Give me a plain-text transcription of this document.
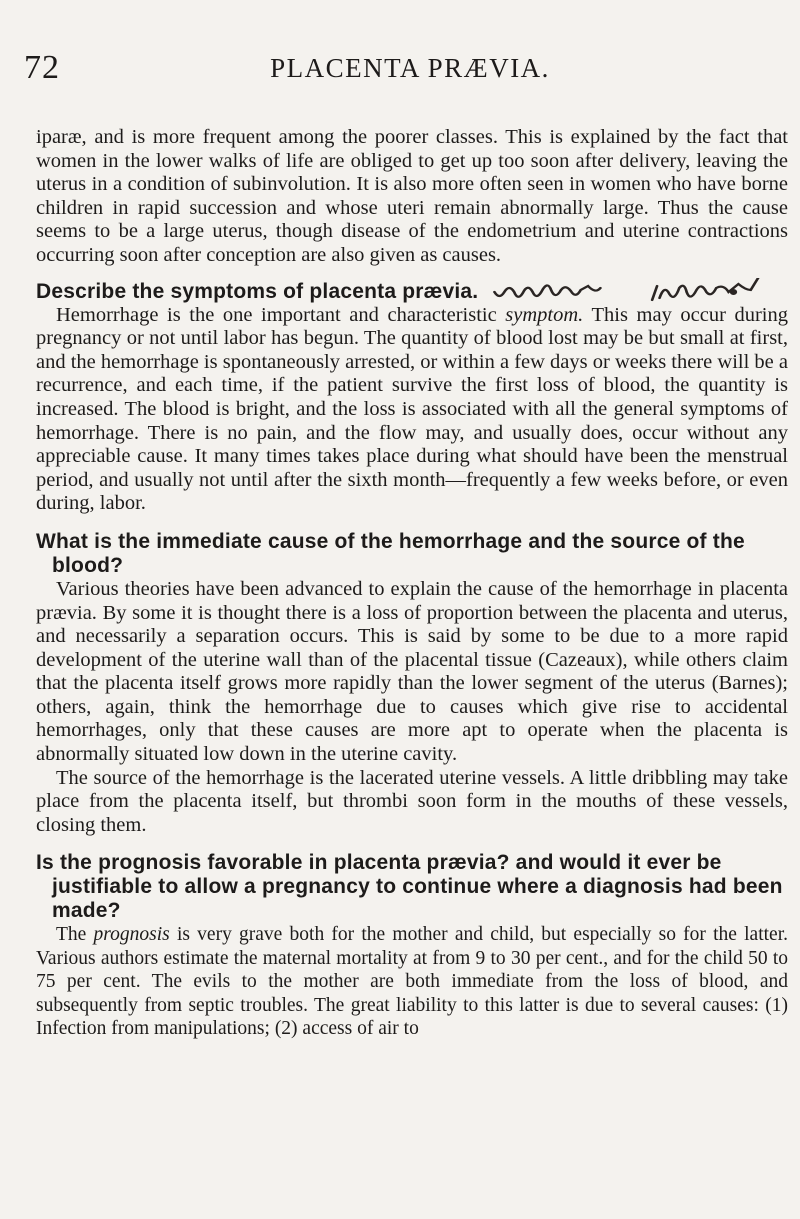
72	PLACENTA PRÆVIA.

iparæ, and is more frequent among the poorer classes. This is explained by the fact that women in the lower walks of life are obliged to get up too soon after delivery, leaving the uterus in a condition of subinvolution. It is also more often seen in women who have borne children in rapid succession and whose uteri remain abnormally large. Thus the cause seems to be a large uterus, though disease of the endometrium and uterine contractions occurring soon after conception are also given as causes.

Describe the symptoms of placenta prævia.

Hemorrhage is the one important and characteristic symptom. This may occur during pregnancy or not until labor has begun. The quantity of blood lost may be but small at first, and the hemorrhage is spontaneously arrested, or within a few days or weeks there will be a recurrence, and each time, if the patient survive the first loss of blood, the quantity is increased. The blood is bright, and the loss is associated with all the general symptoms of hemorrhage. There is no pain, and the flow may, and usually does, occur without any appreciable cause. It many times takes place during what should have been the menstrual period, and usually not until after the sixth month—frequently a few weeks before, or even during, labor.

What is the immediate cause of the hemorrhage and the source of the blood?

Various theories have been advanced to explain the cause of the hemorrhage in placenta prævia. By some it is thought there is a loss of proportion between the placenta and uterus, and necessarily a separation occurs. This is said by some to be due to a more rapid development of the uterine wall than of the placental tissue (Cazeaux), while others claim that the placenta itself grows more rapidly than the lower segment of the uterus (Barnes); others, again, think the hemorrhage due to causes which give rise to accidental hemorrhages, only that these causes are more apt to operate when the placenta is abnormally situated low down in the uterine cavity.

The source of the hemorrhage is the lacerated uterine vessels. A little dribbling may take place from the placenta itself, but thrombi soon form in the mouths of these vessels, closing them.

Is the prognosis favorable in placenta prævia? and would it ever be justifiable to allow a pregnancy to continue where a diagnosis had been made?

The prognosis is very grave both for the mother and child, but especially so for the latter. Various authors estimate the maternal mortality at from 9 to 30 per cent., and for the child 50 to 75 per cent. The evils to the mother are both immediate from the loss of blood, and subsequently from septic troubles. The great liability to this latter is due to several causes: (1) Infection from manipulations; (2) access of air to
